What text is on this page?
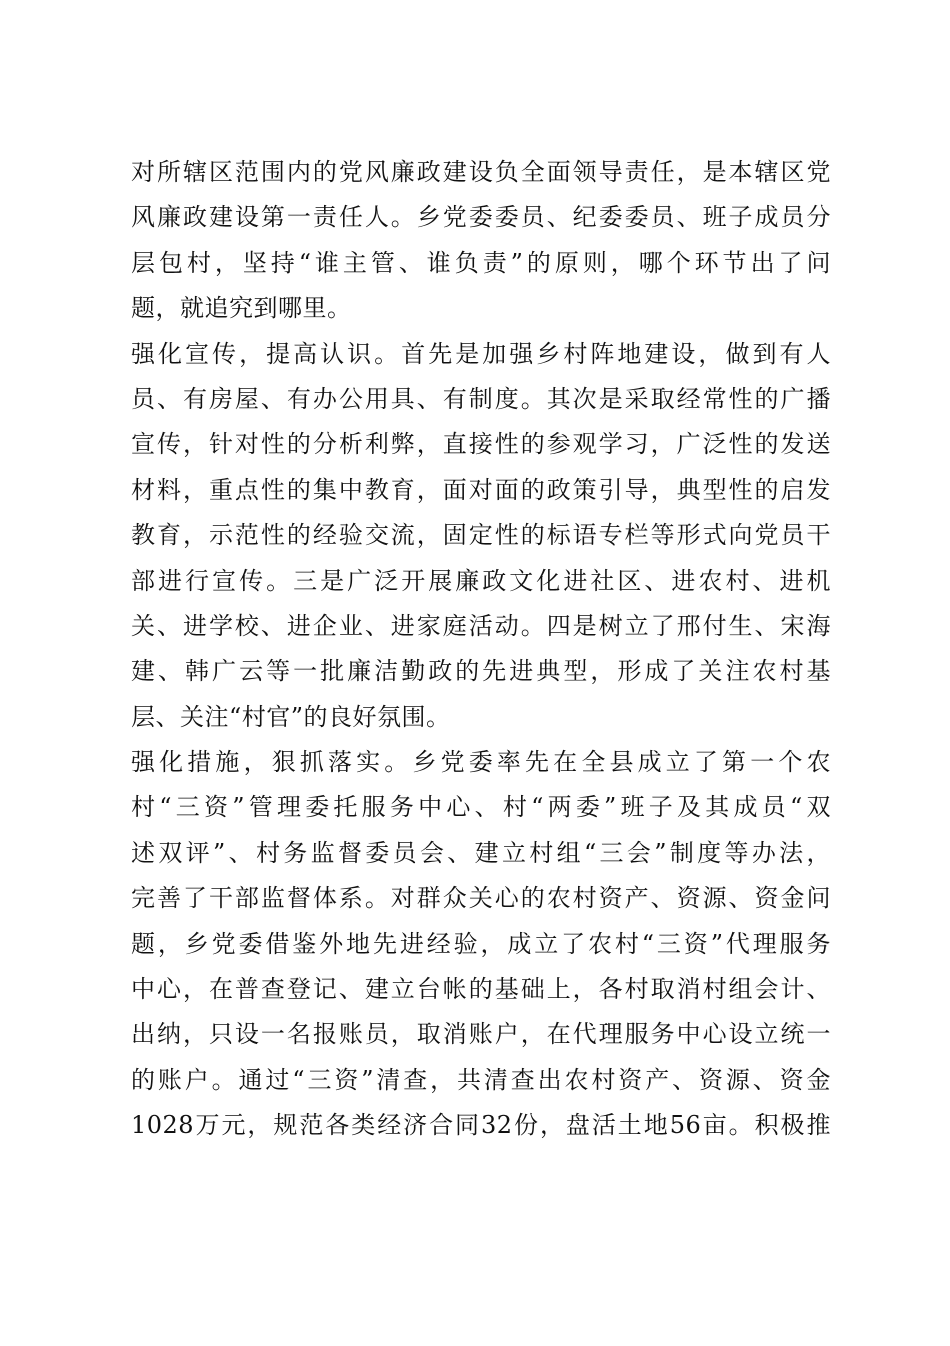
对所辖区范围内的党风廉政建设负全面领导责任，是本辖区党
风廉政建设第一责任人。乡党委委员、纪委委员、班子成员分
层包村，坚持“谁主管、谁负责”的原则，哪个环节出了问
题，就追究到哪里。
强化宣传，提高认识。首先是加强乡村阵地建设，做到有人
员、有房屋、有办公用具、有制度。其次是采取经常性的广播
宣传，针对性的分析利弊，直接性的参观学习，广泛性的发送
材料，重点性的集中教育，面对面的政策引导，典型性的启发
教育，示范性的经验交流，固定性的标语专栏等形式向党员干
部进行宣传。三是广泛开展廉政文化进社区、进农村、进机
关、进学校、进企业、进家庭活动。四是树立了邢付生、宋海
建、韩广云等一批廉洁勤政的先进典型，形成了关注农村基
层、关注“村官”的良好氛围。
强化措施，狠抓落实。乡党委率先在全县成立了第一个农
村“三资”管理委托服务中心、村“两委”班子及其成员“双
述双评”、村务监督委员会、建立村组“三会”制度等办法，
完善了干部监督体系。对群众关心的农村资产、资源、资金问
题，乡党委借鉴外地先进经验，成立了农村“三资”代理服务
中心，在普查登记、建立台帐的基础上，各村取消村组会计、
出纳，只设一名报账员，取消账户，在代理服务中心设立统一
的账户。通过“三资”清查，共清查出农村资产、资源、资金
1028万元，规范各类经济合同32份，盘活土地56亩。积极推
